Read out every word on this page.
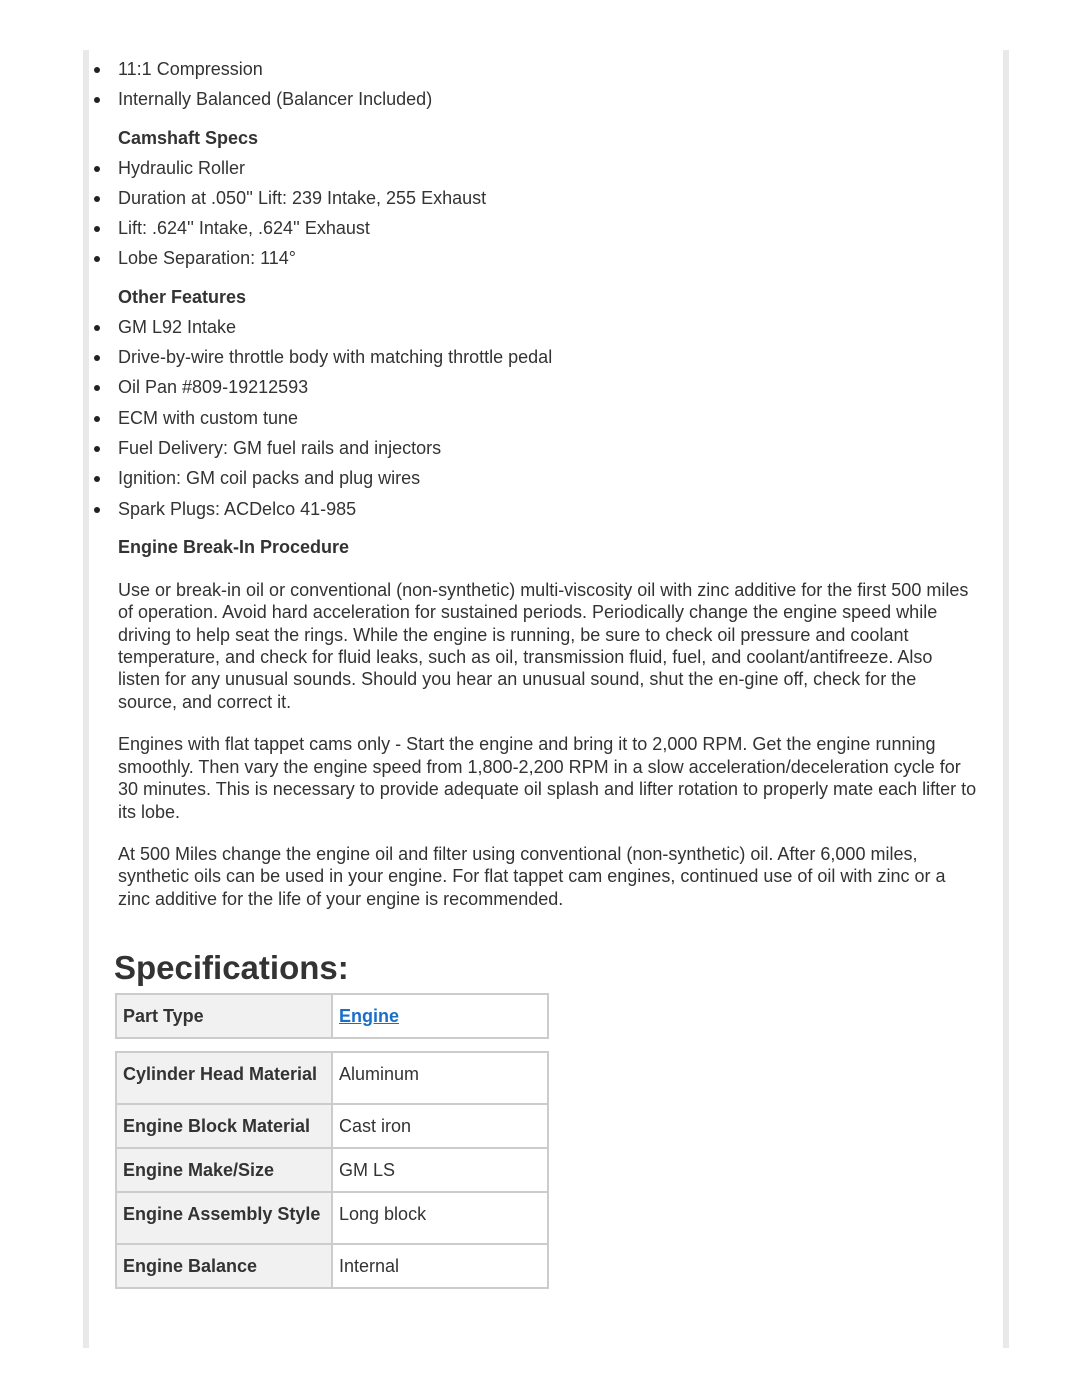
11:1 Compression
Internally Balanced (Balancer Included)
Camshaft Specs
Hydraulic Roller
Duration at .050'' Lift: 239 Intake, 255 Exhaust
Lift: .624'' Intake, .624'' Exhaust
Lobe Separation: 114°
Other Features
GM L92 Intake
Drive-by-wire throttle body with matching throttle pedal
Oil Pan #809-19212593
ECM with custom tune
Fuel Delivery: GM fuel rails and injectors
Ignition: GM coil packs and plug wires
Spark Plugs: ACDelco 41-985
Engine Break-In Procedure

Use or break-in oil or conventional (non-synthetic) multi-viscosity oil with zinc additive for the first 500 miles of operation. Avoid hard acceleration for sustained periods. Periodically change the engine speed while driving to help seat the rings. While the engine is running, be sure to check oil pressure and coolant temperature, and check for fluid leaks, such as oil, transmission fluid, fuel, and coolant/antifreeze. Also listen for any unusual sounds. Should you hear an unusual sound, shut the en-gine off, check for the source, and correct it.

Engines with flat tappet cams only - Start the engine and bring it to 2,000 RPM. Get the engine running smoothly. Then vary the engine speed from 1,800-2,200 RPM in a slow acceleration/deceleration cycle for 30 minutes. This is necessary to provide adequate oil splash and lifter rotation to properly mate each lifter to its lobe.

At 500 Miles change the engine oil and filter using conventional (non-synthetic) oil. After 6,000 miles, synthetic oils can be used in your engine. For flat tappet cam engines, continued use of oil with zinc or a zinc additive for the life of your engine is recommended.

Specifications:
Part Type	Engine
Cylinder Head Material	Aluminum
Engine Block Material	Cast iron
Engine Make/Size	GM LS
Engine Assembly Style	Long block
Engine Balance	Internal
